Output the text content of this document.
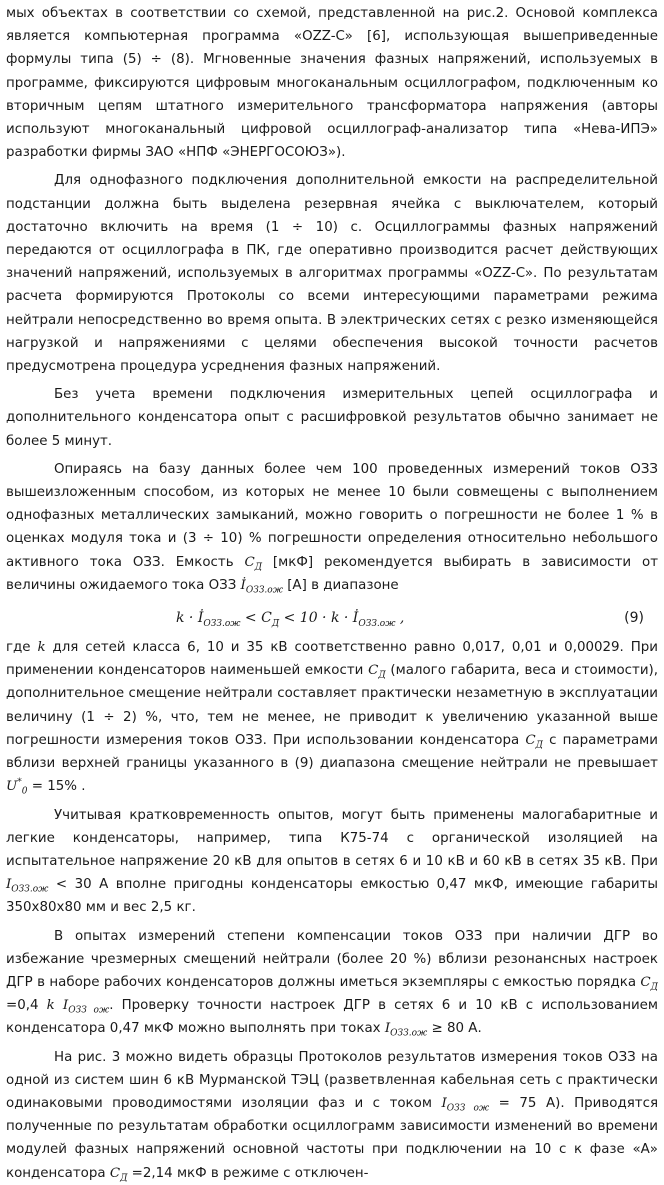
мых объектах в соответствии со схемой, представленной на рис.2. Основой комплекса является компьютерная программа «OZZ-C» [6], использующая вышеприведенные формулы типа (5) ÷ (8). Мгновенные значения фазных напряжений, используемых в программе, фиксируются цифровым многоканальным осциллографом, подключенным ко вторичным цепям штатного измерительного трансформатора напряжения (авторы используют многоканальный цифровой осциллограф-анализатор типа «Нева-ИПЭ» разработки фирмы ЗАО «НПФ «ЭНЕРГОСОЮЗ»).

Для однофазного подключения дополнительной емкости на распределительной подстанции должна быть выделена резервная ячейка с выключателем, который достаточно включить на время (1 ÷ 10) с. Осциллограммы фазных напряжений передаются от осциллографа в ПК, где оперативно производится расчет действующих значений напряжений, используемых в алгоритмах программы «OZZ-C». По результатам расчета формируются Протоколы со всеми интересующими параметрами режима нейтрали непосредственно во время опыта. В электрических сетях с резко изменяющейся нагрузкой и напряжениями с целями обеспечения высокой точности расчетов предусмотрена процедура усреднения фазных напряжений.

Без учета времени подключения измерительных цепей осциллографа и дополнительного конденсатора опыт с расшифровкой результатов обычно занимает не более 5 минут.

Опираясь на базу данных более чем 100 проведенных измерений токов ОЗЗ вышеизложенным способом, из которых не менее 10 были совмещены с выполнением однофазных металлических замыканий, можно говорить о погрешности не более 1 % в оценках модуля тока и (3 ÷ 10) % погрешности определения относительно небольшого активного тока ОЗЗ. Емкость $C_Д$ [мкФ] рекомендуется выбирать в зависимости от величины ожидаемого тока ОЗЗ $İ_{ОЗЗ.ож}$ [А] в диапазоне

$k \cdot İ_{ОЗЗ.ож} < C_Д < 10 \cdot k$ · $İ_{ОЗЗ.ож}$ ,	(9)

где k для сетей класса 6, 10 и 35 кВ соответственно равно 0,017, 0,01 и 0,00029. При применении конденсаторов наименьшей емкости $C_Д$ (малого габарита, веса и стоимости), дополнительное смещение нейтрали составляет практически незаметную в эксплуатации величину (1 ÷ 2) %, что, тем не менее, не приводит к увеличению указанной выше погрешности измерения токов ОЗЗ. При использовании конденсатора $C_Д$ с параметрами вблизи верхней границы указанного в (9) диапазона смещение нейтрали не превышает $U^*_0 = 15\%$ .

Учитывая кратковременность опытов, могут быть применены малогабаритные и легкие конденсаторы, например, типа К75-74 с органической изоляцией на испытательное напряжение 20 кВ для опытов в сетях 6 и 10 кВ и 60 кВ в сетях 35 кВ. При $I_{ОЗЗ.ож} < 30$ А вполне пригодны конденсаторы емкостью 0,47 мкФ, имеющие габариты 350х80х80 мм и вес 2,5 кг.

В опытах измерений степени компенсации токов ОЗЗ при наличии ДГР во избежание чрезмерных смещений нейтрали (более 20 %) вблизи резонансных настроек ДГР в наборе рабочих конденсаторов должны иметься экземпляры с емкостью порядка $C_Д =0,4$ k $I_{ОЗЗ ож}$. Проверку точности настроек ДГР в сетях 6 и 10 кВ с использованием конденсатора 0,47 мкФ можно выполнять при токах $I_{ОЗЗ.ож} \ge 80$ А.

На рис. 3 можно видеть образцы Протоколов результатов измерения токов ОЗЗ на одной из систем шин 6 кВ Мурманской ТЭЦ (разветвленная кабельная сеть с практически одинаковыми проводимостями изоляции фаз и с током $I_{ОЗЗ ож} = 75$ А). Приводятся полученные по результатам обработки осциллограмм зависимости изменений во времени модулей фазных напряжений основной частоты при подключении на 10 с к фазе «А» конденсатора $C_Д =2,14$ мкФ в режиме с отключен-
